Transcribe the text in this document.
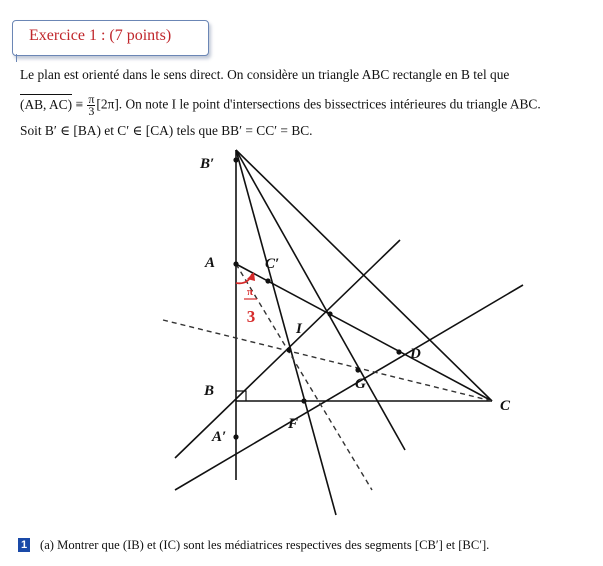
Exercice 1 : (7 points)
Le plan est orienté dans le sens direct. On considère un triangle ABC rectangle en B tel que
(AB, $AC) \equiv \frac{\pi}{3} [2\pi]$. On note I le point d'intersections des bissectrices intérieures du triangle ABC.
Soit B′ ∈ [BA) et C′ ∈ [CA) tels que BB′ = CC′ = BC.
B′
A	C′
I
D
G
B
C
F
A′
π
3
1 (a) Montrer que (IB) et (IC) sont les médiatrices respectives des segments [CB′] et [BC′].
